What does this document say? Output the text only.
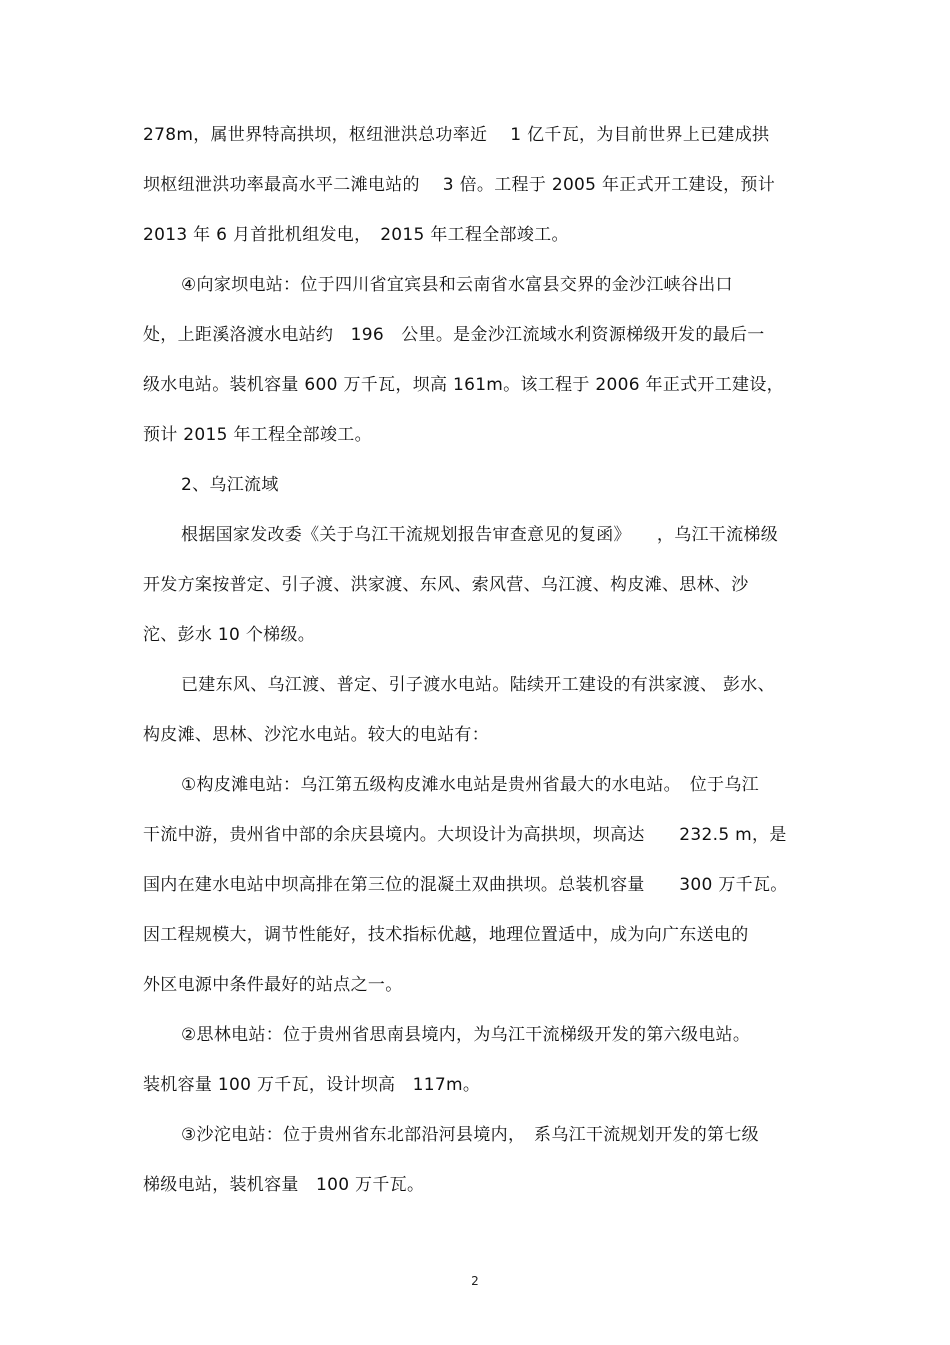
278m，属世界特高拱坝，枢纽泄洪总功率近　 1 亿千瓦，为目前世界上已建成拱
坝枢纽泄洪功率最高水平二滩电站的　 3 倍。工程于 2005 年正式开工建设，预计
2013 年 6 月首批机组发电，　2015 年工程全部竣工。
④向家坝电站：位于四川省宜宾县和云南省水富县交界的金沙江峡谷出口
处，上距溪洛渡水电站约　196　公里。是金沙江流域水利资源梯级开发的最后一
级水电站。装机容量 600 万千瓦，坝高 161m。该工程于 2006 年正式开工建设，
预计 2015 年工程全部竣工。
2、乌江流域
根据国家发改委《关于乌江干流规划报告审查意见的复函》　　，乌江干流梯级
开发方案按普定、引子渡、洪家渡、东风、索风营、乌江渡、构皮滩、思林、沙
沱、彭水 10 个梯级。
已建东风、乌江渡、普定、引子渡水电站。陆续开工建设的有洪家渡、 彭水、
构皮滩、思林、沙沱水电站。较大的电站有：
①构皮滩电站：乌江第五级构皮滩水电站是贵州省最大的水电站。　位于乌江
干流中游，贵州省中部的余庆县境内。大坝设计为高拱坝，坝高达　　232.5 m，是
国内在建水电站中坝高排在第三位的混凝土双曲拱坝。总装机容量　　300 万千瓦。
因工程规模大，调节性能好，技术指标优越，地理位置适中，成为向广东送电的
外区电源中条件最好的站点之一。
②思林电站：位于贵州省思南县境内，为乌江干流梯级开发的第六级电站。
装机容量 100 万千瓦，设计坝高　117m。
③沙沱电站：位于贵州省东北部沿河县境内，　系乌江干流规划开发的第七级
梯级电站，装机容量　100 万千瓦。
2
